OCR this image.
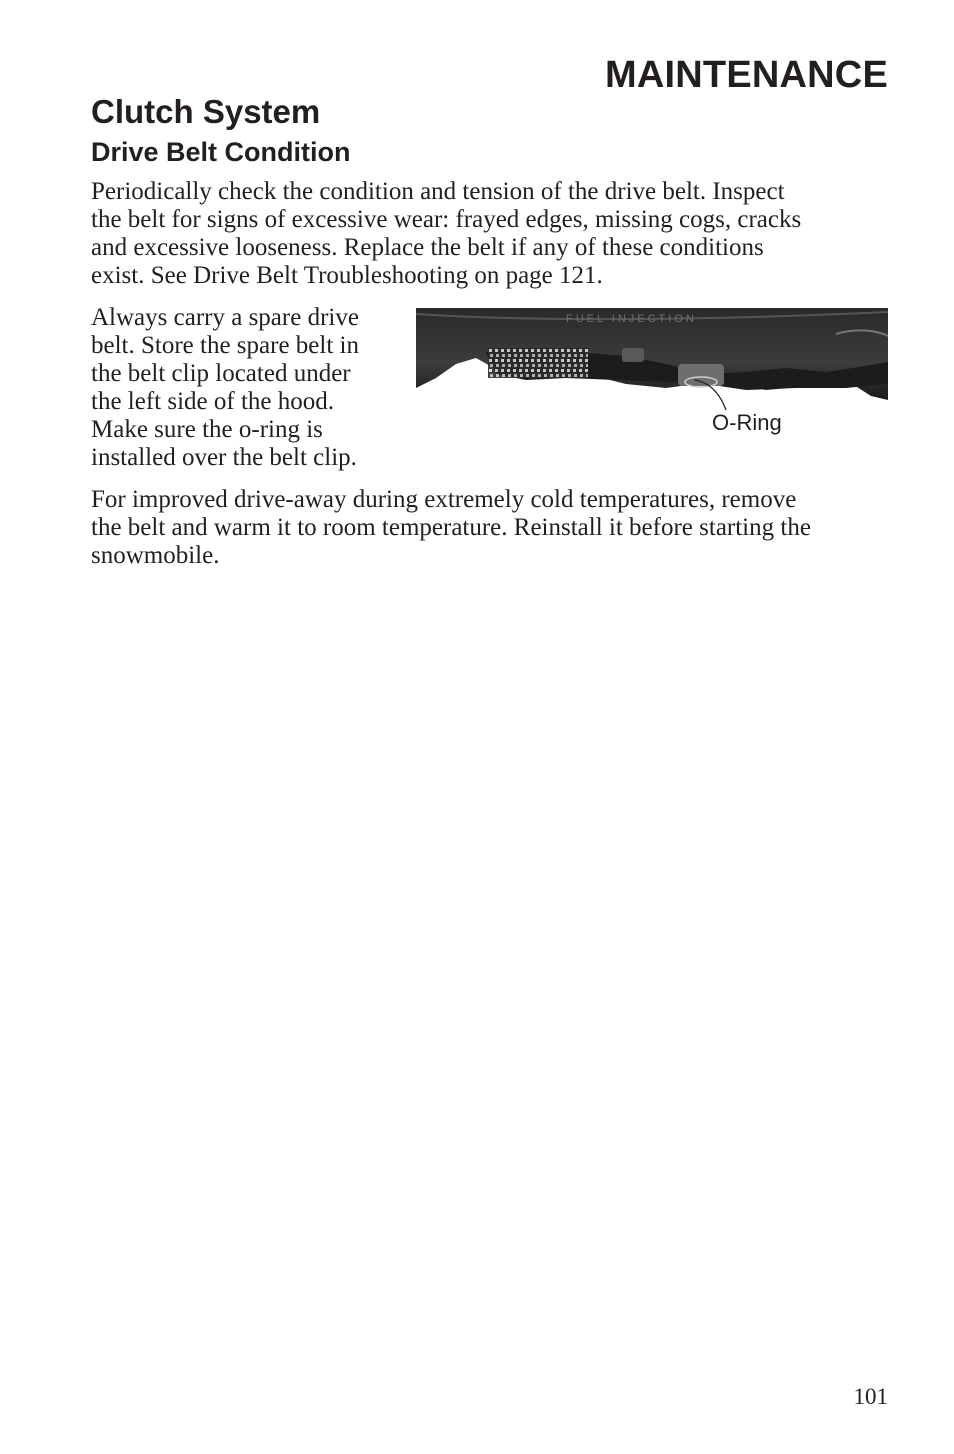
MAINTENANCE
Clutch System
Drive Belt Condition

Periodically check the condition and tension of the drive belt. Inspect
the belt for signs of excessive wear: frayed edges, missing cogs, cracks
and excessive looseness. Replace the belt if any of these conditions
exist. See Drive Belt Troubleshooting on page 121.

Always carry a spare drive
belt. Store the spare belt in
the belt clip located under
the left side of the hood.
Make sure the o-ring is
installed over the belt clip.

FUEL INJECTION
O-Ring

For improved drive-away during extremely cold temperatures, remove
the belt and warm it to room temperature. Reinstall it before starting the
snowmobile.

101
